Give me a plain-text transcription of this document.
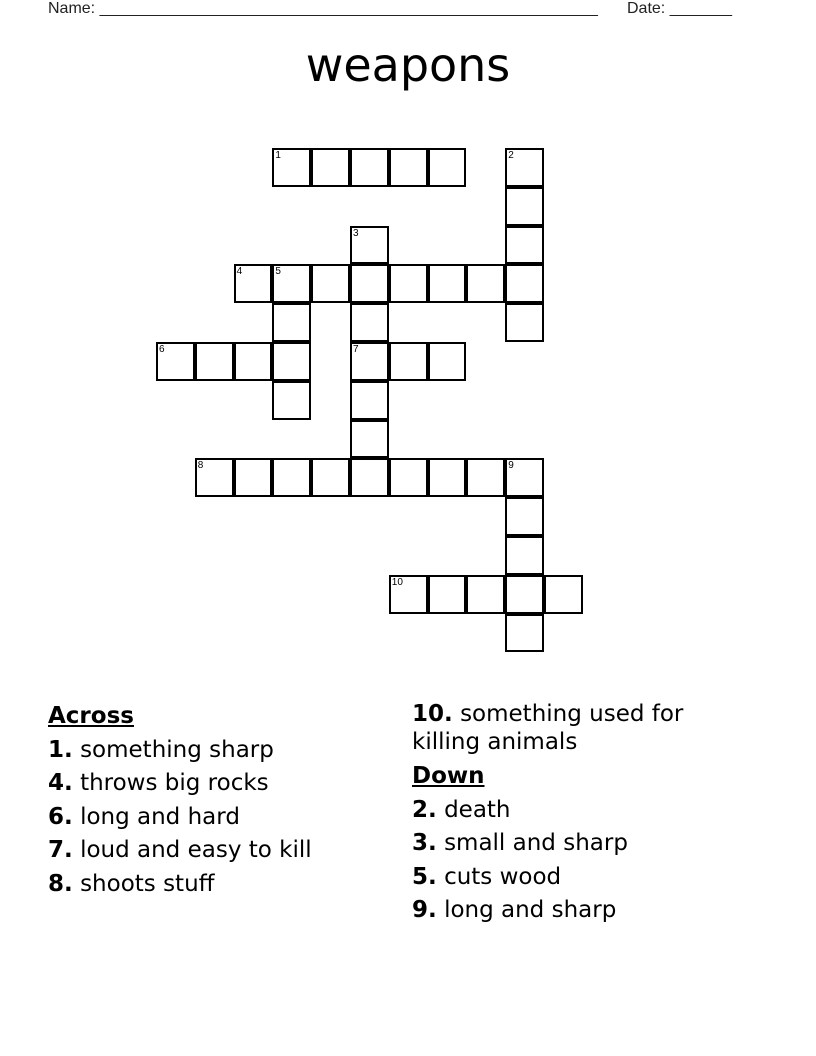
Name: ________________________________________________________ Date: _______
weapons
1	2
3
4	5
6	7
8	9
10
Across
1. something sharp
4. throws big rocks
6. long and hard
7. loud and easy to kill
8. shoots stuff
10. something used for killing animals
Down
2. death
3. small and sharp
5. cuts wood
9. long and sharp
